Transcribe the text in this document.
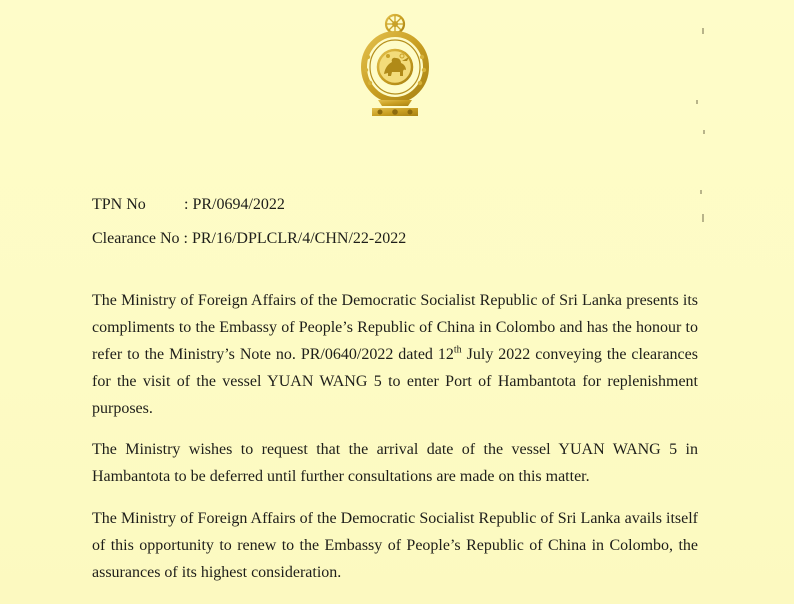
TPN No : PR/0694/2022
Clearance No : PR/16/DPLCLR/4/CHN/22-2022

The Ministry of Foreign Affairs of the Democratic Socialist Republic of Sri Lanka presents its compliments to the Embassy of People’s Republic of China in Colombo and has the honour to refer to the Ministry’s Note no. PR/0640/2022 dated 12th July 2022 conveying the clearances for the visit of the vessel YUAN WANG 5 to enter Port of Hambantota for replenishment purposes.

The Ministry wishes to request that the arrival date of the vessel YUAN WANG 5 in Hambantota to be deferred until further consultations are made on this matter.

The Ministry of Foreign Affairs of the Democratic Socialist Republic of Sri Lanka avails itself of this opportunity to renew to the Embassy of People’s Republic of China in Colombo, the assurances of its highest consideration.
